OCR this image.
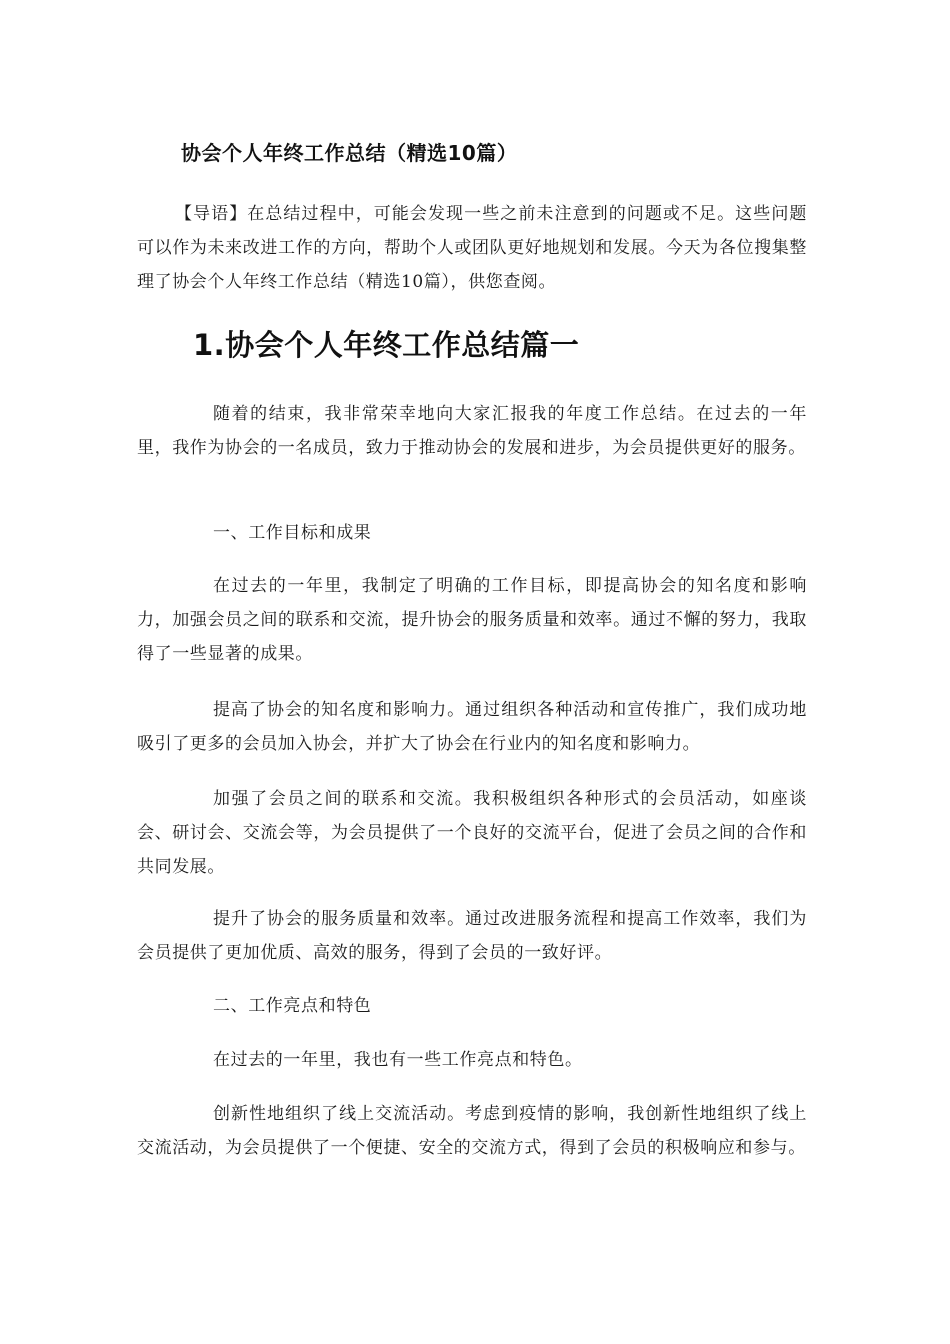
协会个人年终工作总结（精选10篇）

【导语】在总结过程中，可能会发现一些之前未注意到的问题或不足。这些问题可以作为未来改进工作的方向，帮助个人或团队更好地规划和发展。今天为各位搜集整理了协会个人年终工作总结（精选10篇），供您查阅。

1.协会个人年终工作总结篇一

随着的结束，我非常荣幸地向大家汇报我的年度工作总结。在过去的一年里，我作为协会的一名成员，致力于推动协会的发展和进步，为会员提供更好的服务。

一、工作目标和成果

在过去的一年里，我制定了明确的工作目标，即提高协会的知名度和影响力，加强会员之间的联系和交流，提升协会的服务质量和效率。通过不懈的努力，我取得了一些显著的成果。

提高了协会的知名度和影响力。通过组织各种活动和宣传推广，我们成功地吸引了更多的会员加入协会，并扩大了协会在行业内的知名度和影响力。

加强了会员之间的联系和交流。我积极组织各种形式的会员活动，如座谈会、研讨会、交流会等，为会员提供了一个良好的交流平台，促进了会员之间的合作和共同发展。

提升了协会的服务质量和效率。通过改进服务流程和提高工作效率，我们为会员提供了更加优质、高效的服务，得到了会员的一致好评。

二、工作亮点和特色

在过去的一年里，我也有一些工作亮点和特色。

创新性地组织了线上交流活动。考虑到疫情的影响，我创新性地组织了线上交流活动，为会员提供了一个便捷、安全的交流方式，得到了会员的积极响应和参与。
